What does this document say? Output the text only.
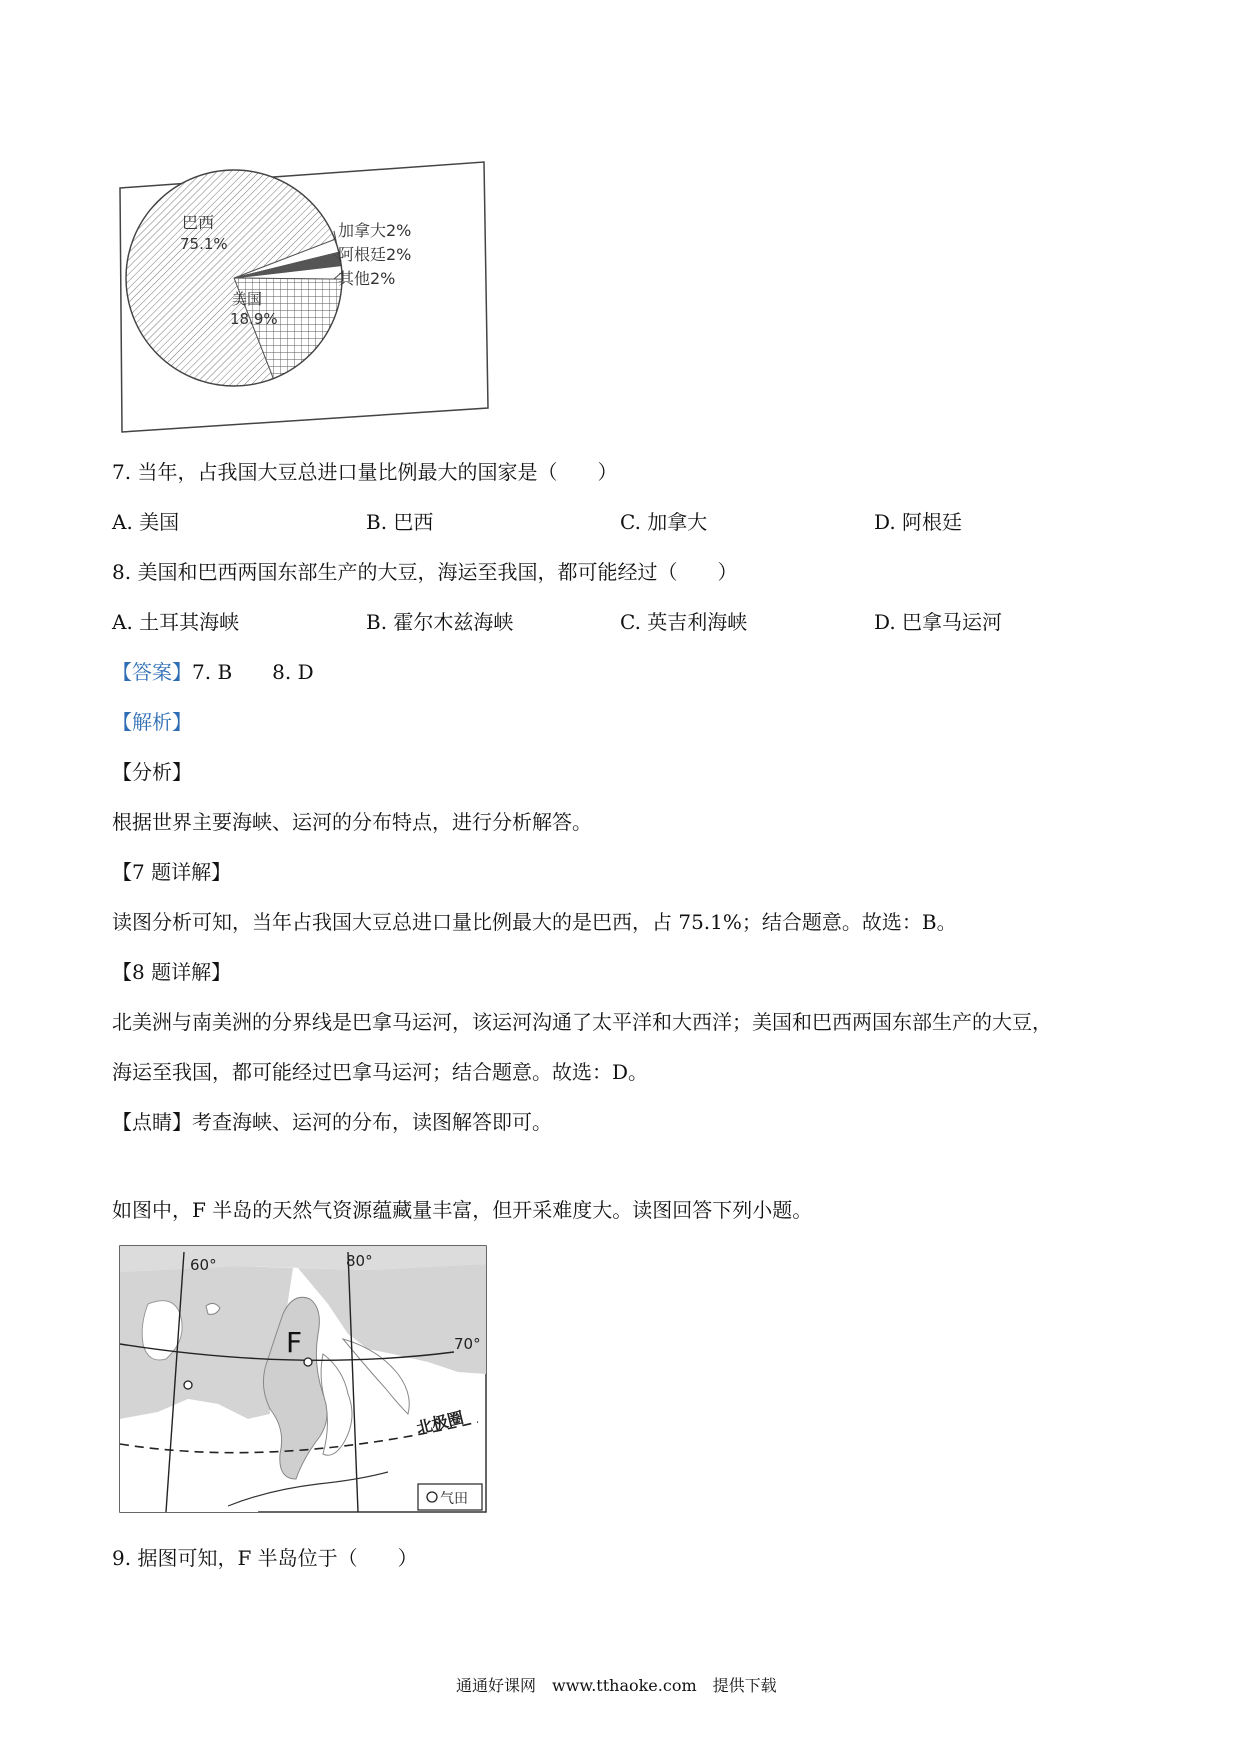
巴西
75.1%
美国
18.9%
加拿大2%
阿根廷2%
其他2%
7. 当年，占我国大豆总进口量比例最大的国家是（　　）
A. 美国	B. 巴西	C. 加拿大	D. 阿根廷
8. 美国和巴西两国东部生产的大豆，海运至我国，都可能经过（　　）
A. 土耳其海峡	B. 霍尔木兹海峡	C. 英吉利海峡	D. 巴拿马运河
【答案】7. B　　8. D
【解析】
【分析】
根据世界主要海峡、运河的分布特点，进行分析解答。
【7 题详解】
读图分析可知，当年占我国大豆总进口量比例最大的是巴西，占 75.1%；结合题意。故选：B。
【8 题详解】
北美洲与南美洲的分界线是巴拿马运河，该运河沟通了太平洋和大西洋；美国和巴西两国东部生产的大豆，
海运至我国，都可能经过巴拿马运河；结合题意。故选：D。
【点睛】考查海峡、运河的分布，读图解答即可。
如图中，F 半岛的天然气资源蕴藏量丰富，但开采难度大。读图回答下列小题。
60°	80°
70°
F
北极圈
气田
9. 据图可知，F 半岛位于（　　）
通通好课网　www.tthaoke.com　提供下载
